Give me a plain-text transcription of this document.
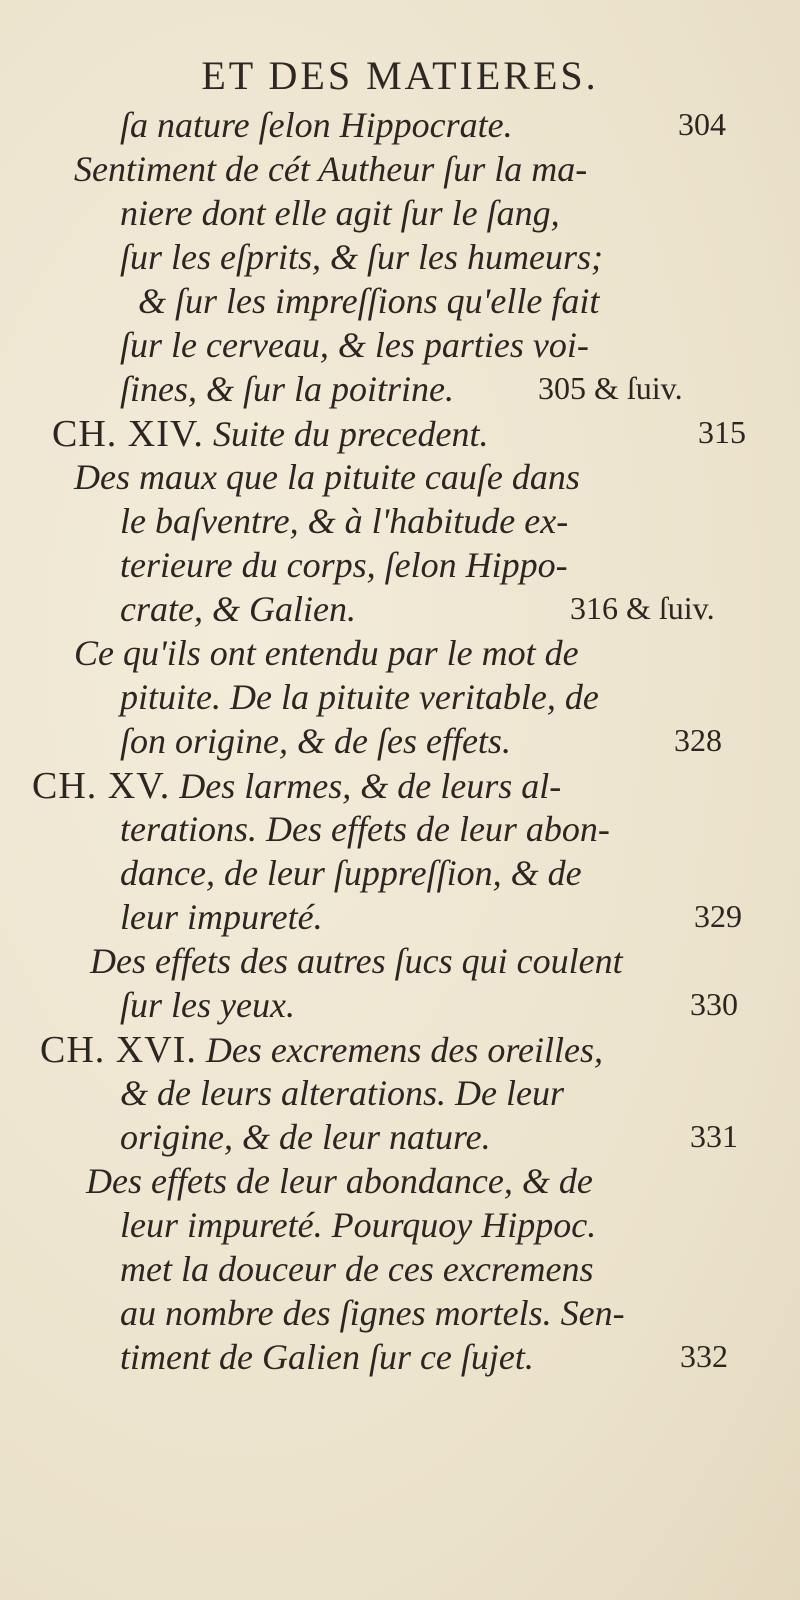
ET DES MATIERES.
ſa nature ſelon Hippocrate.	304
Sentiment de cét Autheur ſur la ma-
niere dont elle agit ſur le ſang,
ſur les eſprits, & ſur les humeurs;
& ſur les impreſſions qu'elle fait
ſur le cerveau, & les parties voi-
ſines, & ſur la poitrine.	305 & ſuiv.
CH. XIV. Suite du precedent.	315
Des maux que la pituite cauſe dans
le baſventre, & à l'habitude ex-
terieure du corps, ſelon Hippo-
crate, & Galien.	316 & ſuiv.
Ce qu'ils ont entendu par le mot de
pituite. De la pituite veritable, de
ſon origine, & de ſes effets.	328
CH. XV. Des larmes, & de leurs al-
terations. Des effets de leur abon-
dance, de leur ſuppreſſion, & de
leur impureté.	329
Des effets des autres ſucs qui coulent
ſur les yeux.	330
CH. XVI. Des excremens des oreilles,
& de leurs alterations. De leur
origine, & de leur nature.	331
Des effets de leur abondance, & de
leur impureté. Pourquoy Hippoc.
met la douceur de ces excremens
au nombre des ſignes mortels. Sen-
timent de Galien ſur ce ſujet.	332
